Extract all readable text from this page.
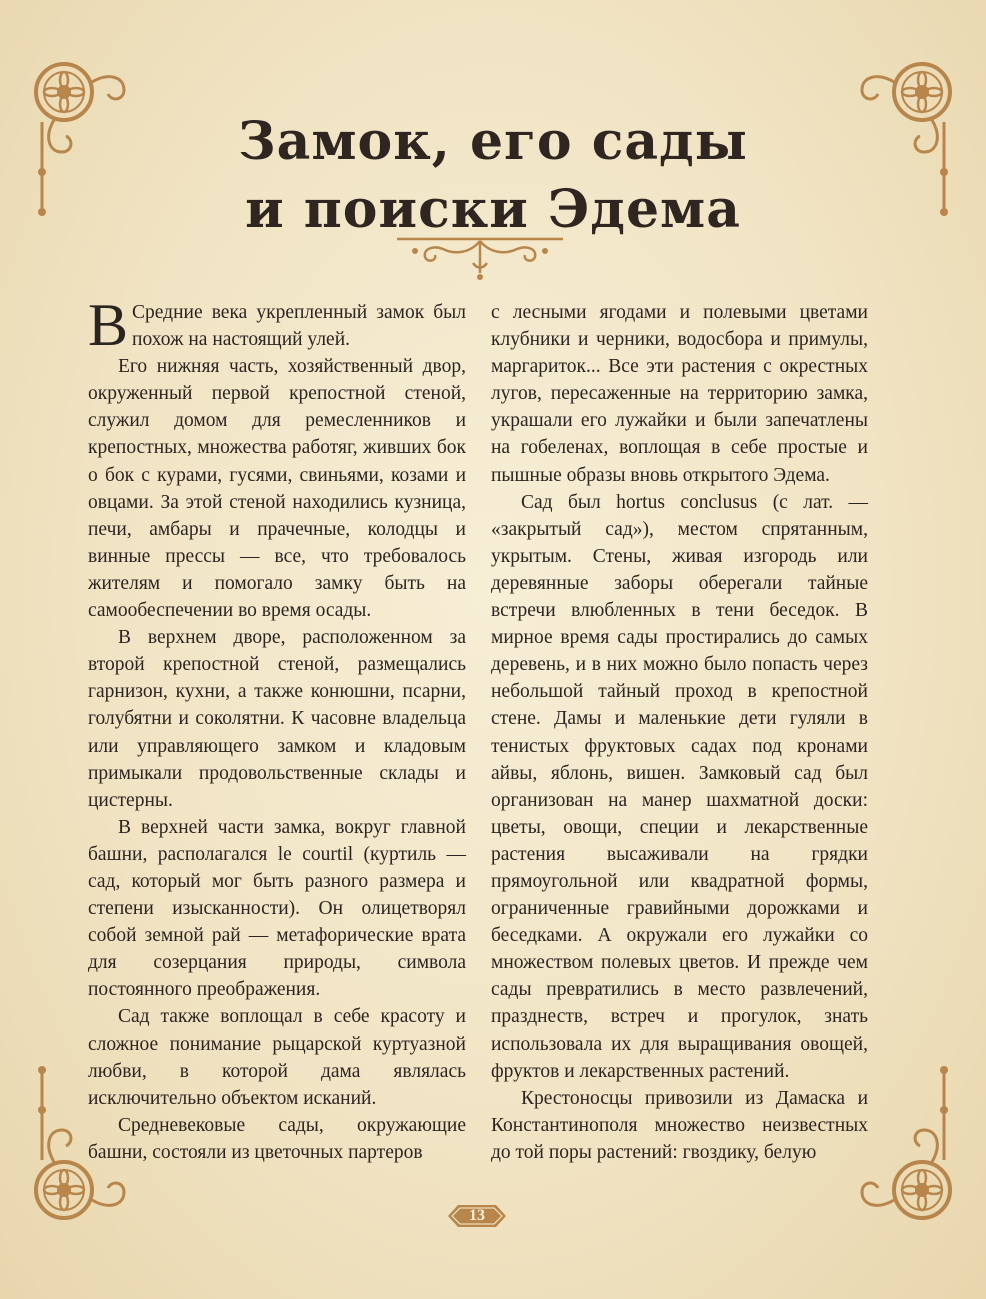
Замок, его сады
и поиски Эдема

В Средние века укрепленный замок был похож на настоящий улей.

Его нижняя часть, хозяйственный двор, окруженный первой крепостной стеной, служил домом для ремесленников и крепостных, множества работяг, живших бок о бок с курами, гусями, свиньями, козами и овцами. За этой стеной находились кузница, печи, амбары и прачечные, колодцы и винные прессы — все, что требовалось жителям и помогало замку быть на самообеспечении во время осады.

В верхнем дворе, расположенном за второй крепостной стеной, размещались гарнизон, кухни, а также конюшни, псарни, голубятни и соколятни. К часовне владельца или управляющего замком и кладовым примыкали продовольственные склады и цистерны.

В верхней части замка, вокруг главной башни, располагался le courtil (куртиль — сад, который мог быть разного размера и степени изысканности). Он олицетворял собой земной рай — метафорические врата для созерцания природы, символа постоянного преображения.

Сад также воплощал в себе красоту и сложное понимание рыцарской куртуазной любви, в которой дама являлась исключительно объектом исканий.

Средневековые сады, окружающие башни, состояли из цветочных партеров

с лесными ягодами и полевыми цветами клубники и черники, водосбора и примулы, маргариток... Все эти растения с окрестных лугов, пересаженные на территорию замка, украшали его лужайки и были запечатлены на гобеленах, воплощая в себе простые и пышные образы вновь открытого Эдема.

Сад был hortus conclusus (с лат. — «закрытый сад»), местом спрятанным, укрытым. Стены, живая изгородь или деревянные заборы оберегали тайные встречи влюбленных в тени беседок. В мирное время сады простирались до самых деревень, и в них можно было попасть через небольшой тайный проход в крепостной стене. Дамы и маленькие дети гуляли в тенистых фруктовых садах под кронами айвы, яблонь, вишен. Замковый сад был организован на манер шахматной доски: цветы, овощи, специи и лекарственные растения высаживали на грядки прямоугольной или квадратной формы, ограниченные гравийными дорожками и беседками. А окружали его лужайки со множеством полевых цветов. И прежде чем сады превратились в место развлечений, празднеств, встреч и прогулок, знать использовала их для выращивания овощей, фруктов и лекарственных растений.

Крестоносцы привозили из Дамаска и Константинополя множество неизвестных до той поры растений: гвоздику, белую

13
